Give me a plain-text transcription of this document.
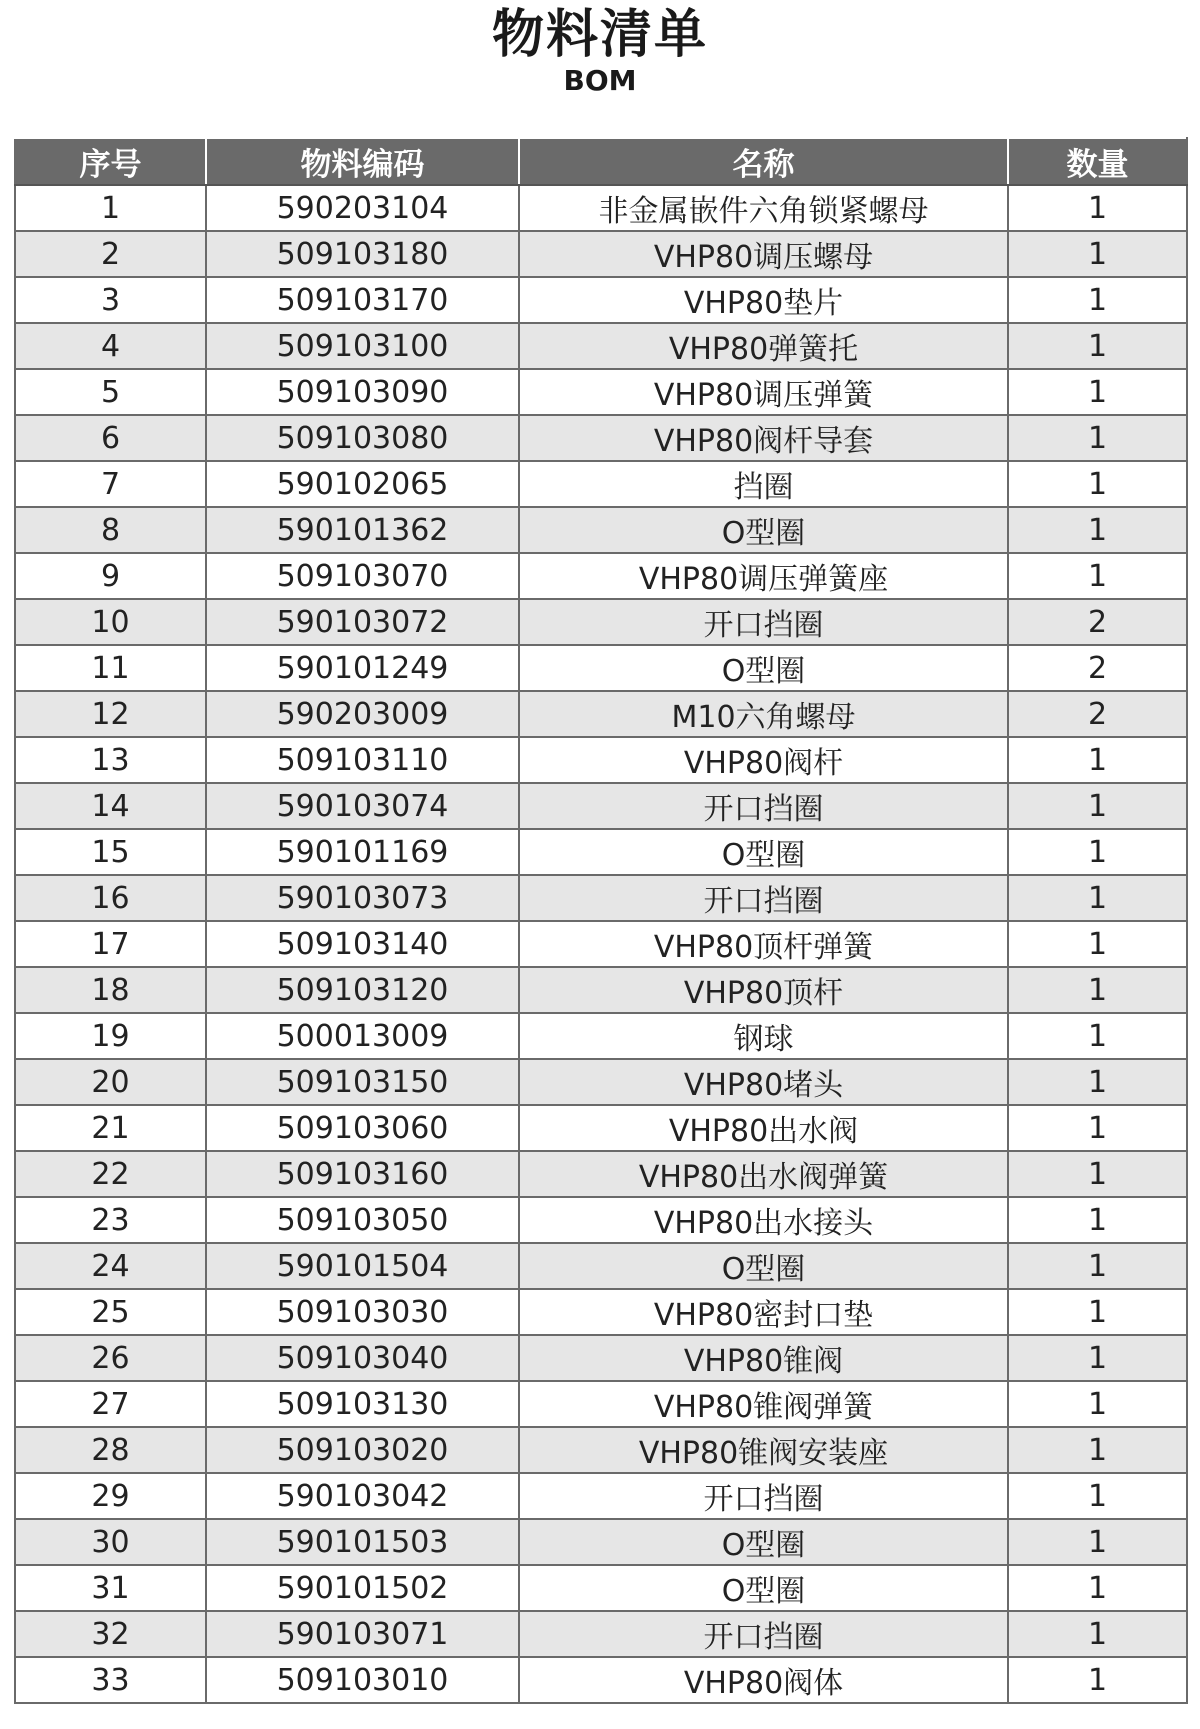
物料清单
BOM
序号	物料编码	名称	数量
1	590203104	非金属嵌件六角锁紧螺母	1
2	509103180	VHP80调压螺母	1
3	509103170	VHP80垫片	1
4	509103100	VHP80弹簧托	1
5	509103090	VHP80调压弹簧	1
6	509103080	VHP80阀杆导套	1
7	590102065	挡圈	1
8	590101362	O型圈	1
9	509103070	VHP80调压弹簧座	1
10	590103072	开口挡圈	2
11	590101249	O型圈	2
12	590203009	M10六角螺母	2
13	509103110	VHP80阀杆	1
14	590103074	开口挡圈	1
15	590101169	O型圈	1
16	590103073	开口挡圈	1
17	509103140	VHP80顶杆弹簧	1
18	509103120	VHP80顶杆	1
19	500013009	钢球	1
20	509103150	VHP80堵头	1
21	509103060	VHP80出水阀	1
22	509103160	VHP80出水阀弹簧	1
23	509103050	VHP80出水接头	1
24	590101504	O型圈	1
25	509103030	VHP80密封口垫	1
26	509103040	VHP80锥阀	1
27	509103130	VHP80锥阀弹簧	1
28	509103020	VHP80锥阀安装座	1
29	590103042	开口挡圈	1
30	590101503	O型圈	1
31	590101502	O型圈	1
32	590103071	开口挡圈	1
33	509103010	VHP80阀体	1
